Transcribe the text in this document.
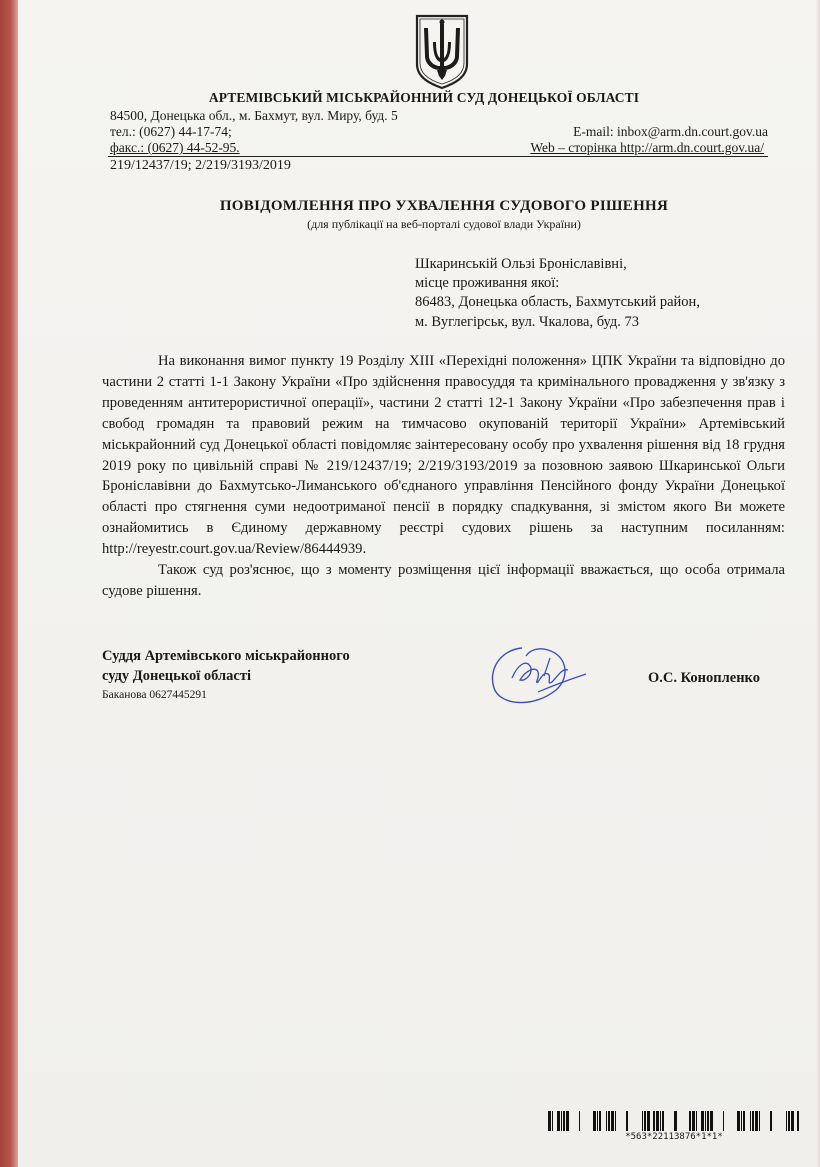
АРТЕМІВСЬКИЙ МІСЬКРАЙОННИЙ СУД ДОНЕЦЬКОЇ ОБЛАСТІ
84500, Донецька обл., м. Бахмут, вул. Миру, буд. 5
тел.: (0627) 44-17-74;	E-mail: inbox@arm.dn.court.gov.ua
факс.: (0627) 44-52-95.	Web – сторінка http://arm.dn.court.gov.ua/
219/12437/19; 2/219/3193/2019
ПОВІДОМЛЕННЯ ПРО УХВАЛЕННЯ СУДОВОГО РІШЕННЯ
(для публікації на веб-порталі судової влади України)
Шкаринській Ользі Броніславівні,
місце проживання якої:
86483, Донецька область, Бахмутський район,
м. Вуглегірськ, вул. Чкалова, буд. 73

На виконання вимог пункту 19 Розділу XIII «Перехідні положення» ЦПК України та відповідно до частини 2 статті 1-1 Закону України «Про здійснення правосуддя та кримінального провадження у зв'язку з проведенням антитерористичної операції», частини 2 статті 12-1 Закону України «Про забезпечення прав і свобод громадян та правовий режим на тимчасово окупованій території України» Артемівський міськрайонний суд Донецької області повідомляє заінтересовану особу про ухвалення рішення від 18 грудня 2019 року по цивільній справі № 219/12437/19; 2/219/3193/2019 за позовною заявою Шкаринської Ольги Броніславівни до Бахмутсько-Лиманського об'єднаного управління Пенсійного фонду України Донецької області про стягнення суми недоотриманої пенсії в порядку спадкування, зі змістом якого Ви можете ознайомитись в Єдиному державному реєстрі судових рішень за наступним посиланням: http://reyestr.court.gov.ua/Review/86444939.

Також суд роз'яснює, що з моменту розміщення цієї інформації вважається, що особа отримала судове рішення.

Суддя Артемівського міськрайонного
суду Донецької області
Баканова 0627445291
О.С. Конопленко
*563*22113876*1*1*
